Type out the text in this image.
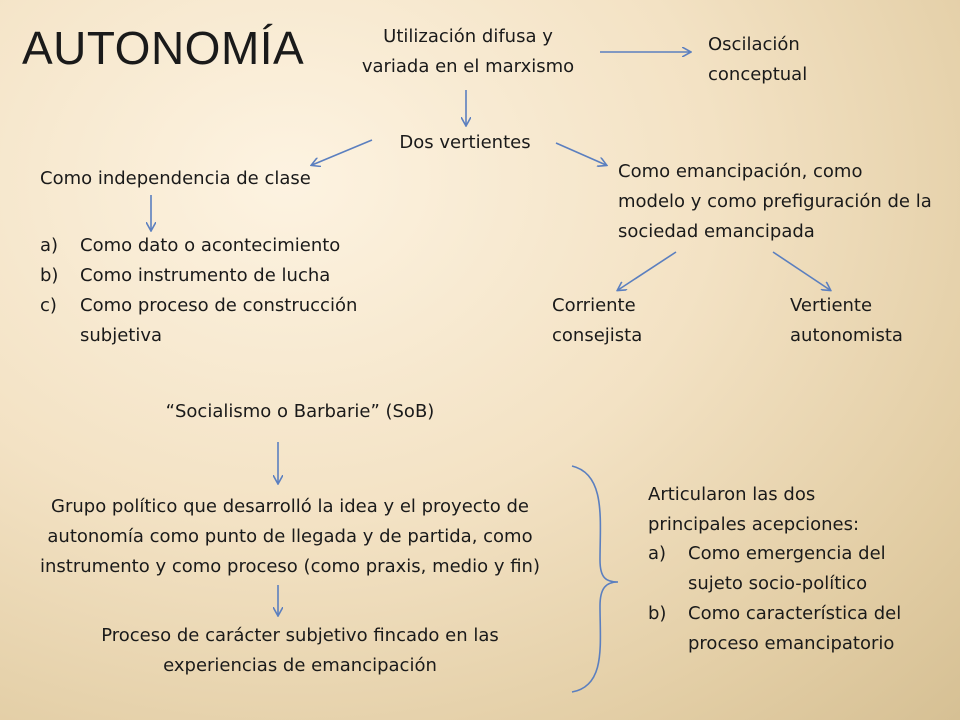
AUTONOMÍA	Utilización difusa y variada en el marxismo

Oscilación conceptual

Dos vertientes

Como independencia de clase

a) Como dato o acontecimiento
b) Como instrumento de lucha
c) Como proceso de construcción subjetiva

Como emancipación, como modelo y como prefiguración de la sociedad emancipada

Corriente consejista

Vertiente autonomista

“Socialismo o Barbarie” (SoB)

Grupo político que desarrolló la idea y el proyecto de autonomía como punto de llegada y de partida, como instrumento y como proceso (como praxis, medio y fin)

Proceso de carácter subjetivo fincado en las experiencias de emancipación

Articularon las dos principales acepciones:

a) Como emergencia del sujeto socio-político
b) Como característica del proceso emancipatorio
